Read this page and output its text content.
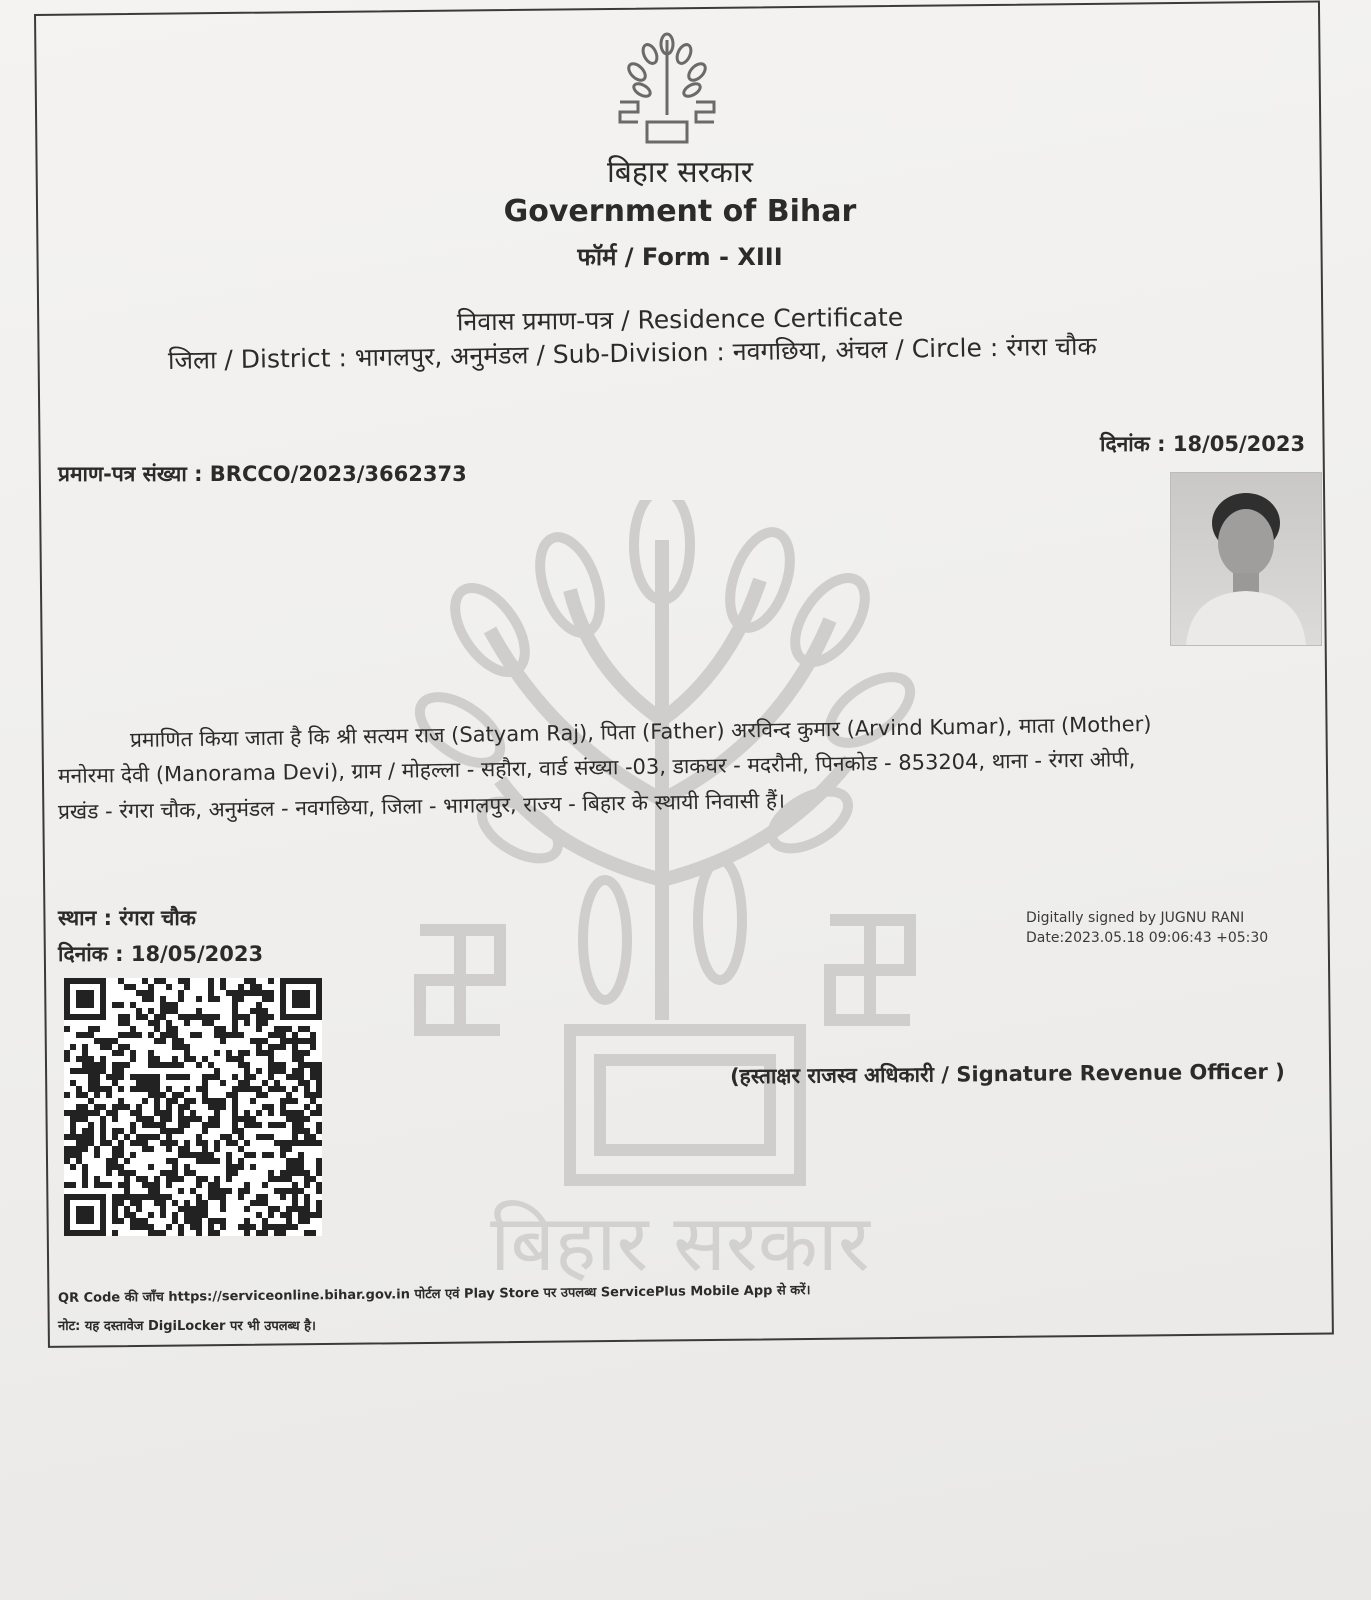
बिहार सरकार
बिहार सरकार
Government of Bihar
फॉर्म / Form - XIII
निवास प्रमाण-पत्र / Residence Certificate
जिला / District : भागलपुर, अनुमंडल / Sub-Division : नवगछिया, अंचल / Circle : रंगरा चौक
प्रमाण-पत्र संख्या : BRCCO/2023/3662373
दिनांक : 18/05/2023
प्रमाणित किया जाता है कि श्री सत्यम राज (Satyam Raj), पिता (Father) अरविन्द कुमार (Arvind Kumar), माता (Mother)
मनोरमा देवी (Manorama Devi), ग्राम / मोहल्ला - सहौरा, वार्ड संख्या -03, डाकघर - मदरौनी, पिनकोड - 853204, थाना - रंगरा ओपी,
प्रखंड - रंगरा चौक, अनुमंडल - नवगछिया, जिला - भागलपुर, राज्य - बिहार के स्थायी निवासी हैं।
स्थान : रंगरा चौक
दिनांक : 18/05/2023
Digitally signed by JUGNU RANI
Date:2023.05.18 09:06:43 +05:30
(हस्ताक्षर राजस्व अधिकारी / Signature Revenue Officer )
QR Code की जाँच https://serviceonline.bihar.gov.in पोर्टल एवं Play Store पर उपलब्ध ServicePlus Mobile App से करें।
नोट: यह दस्तावेज DigiLocker पर भी उपलब्ध है।
